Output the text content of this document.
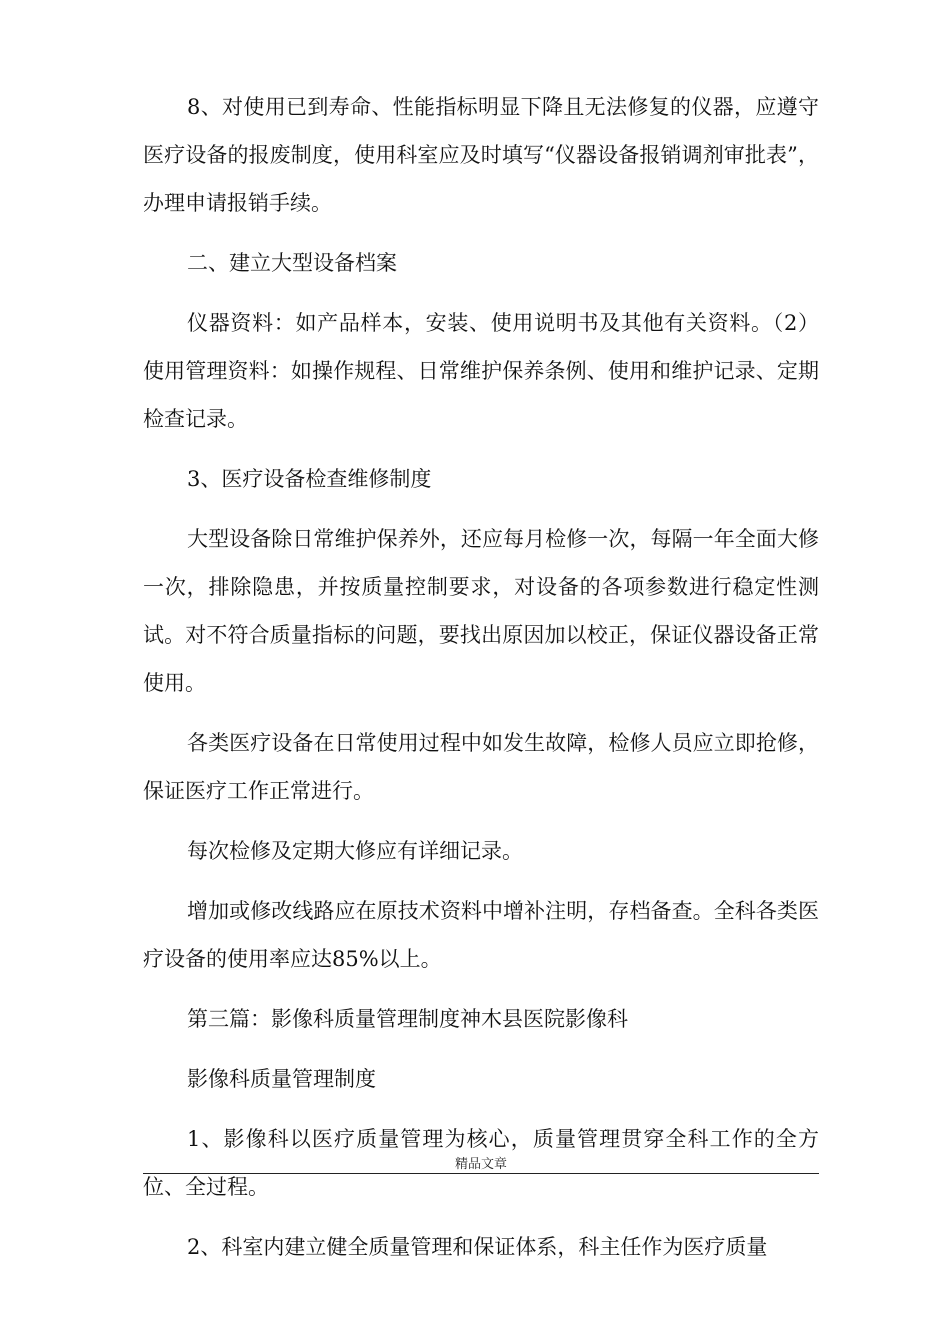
8、对使用已到寿命、性能指标明显下降且无法修复的仪器，应遵守医疗设备的报废制度，使用科室应及时填写“仪器设备报销调剂审批表”，办理申请报销手续。

二、建立大型设备档案

仪器资料：如产品样本，安装、使用说明书及其他有关资料。（2）使用管理资料：如操作规程、日常维护保养条例、使用和维护记录、定期检查记录。

3、医疗设备检查维修制度

大型设备除日常维护保养外，还应每月检修一次，每隔一年全面大修一次，排除隐患，并按质量控制要求，对设备的各项参数进行稳定性测试。对不符合质量指标的问题，要找出原因加以校正，保证仪器设备正常使用。

各类医疗设备在日常使用过程中如发生故障，检修人员应立即抢修，保证医疗工作正常进行。

每次检修及定期大修应有详细记录。

增加或修改线路应在原技术资料中增补注明，存档备查。全科各类医疗设备的使用率应达85%以上。

第三篇：影像科质量管理制度神木县医院影像科

影像科质量管理制度

1、影像科以医疗质量管理为核心，质量管理贯穿全科工作的全方位、全过程。

2、科室内建立健全质量管理和保证体系，科主任作为医疗质量

精品文章
